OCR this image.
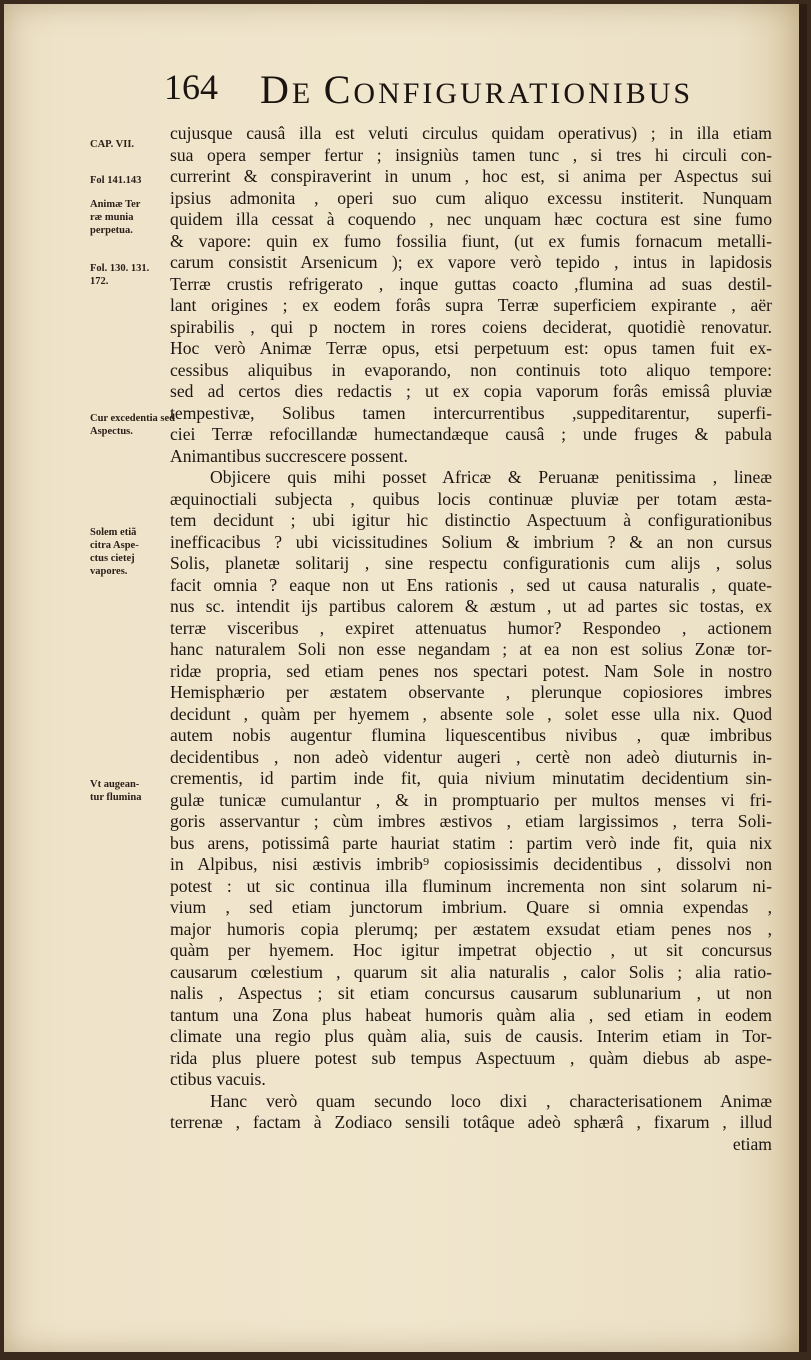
164 DE CONFIGURATIONIBUS
CAP. VII.
Fol 141.143
Animæ Ter
ræ munia
perpetua.
Fol. 130. 131.
172.
Cur excedentia sed
Aspectus.
Solem etiã
citra Aspe-
ctus cietej
vapores.
Vt augean-
tur flumina
cujusque causâ illa est veluti circulus quidam operativus) ; in illa etiam
sua opera semper fertur ; insigniùs tamen tunc , si tres hi circuli con-
currerint & conspiraverint in unum , hoc est, si anima per Aspectus sui
ipsius admonita , operi suo cum aliquo excessu institerit. Nunquam
quidem illa cessat à coquendo , nec unquam hæc coctura est sine fumo
& vapore: quin ex fumo fossilia fiunt, (ut ex fumis fornacum metalli-
carum consistit Arsenicum ); ex vapore verò tepido , intus in lapidosis
Terræ crustis refrigerato , inque guttas coacto ,flumina ad suas destil-
lant origines ; ex eodem forâs supra Terræ superficiem expirante , aër
spirabilis , qui p noctem in rores coiens deciderat, quotidiè renovatur.
Hoc verò Animæ Terræ opus, etsi perpetuum est: opus tamen fuit ex-
cessibus aliquibus in evaporando, non continuis toto aliquo tempore:
sed ad certos dies redactis ; ut ex copia vaporum forâs emissâ pluviæ
tempestivæ, Solibus tamen intercurrentibus ,suppeditarentur, superfi-
ciei Terræ refocillandæ humectandæque causâ ; unde fruges & pabula
Animantibus succrescere possent.
Objicere quis mihi posset Africæ & Peruanæ penitissima , lineæ
æquinoctiali subjecta , quibus locis continuæ pluviæ per totam æsta-
tem decidunt ; ubi igitur hic distinctio Aspectuum à configurationibus
inefficacibus ? ubi vicissitudines Solium & imbrium ? & an non cursus
Solis, planetæ solitarij , sine respectu configurationis cum alijs , solus
facit omnia ? eaque non ut Ens rationis , sed ut causa naturalis , quate-
nus sc. intendit ijs partibus calorem & æstum , ut ad partes sic tostas, ex
terræ visceribus , expiret attenuatus humor? Respondeo , actionem
hanc naturalem Soli non esse negandam ; at ea non est solius Zonæ tor-
ridæ propria, sed etiam penes nos spectari potest. Nam Sole in nostro
Hemisphærio per æstatem observante , plerunque copiosiores imbres
decidunt , quàm per hyemem , absente sole , solet esse ulla nix. Quod
autem nobis augentur flumina liquescentibus nivibus , quæ imbribus
decidentibus , non adeò videntur augeri , certè non adeò diuturnis in-
crementis, id partim inde fit, quia nivium minutatim decidentium sin-
gulæ tunicæ cumulantur , & in promptuario per multos menses vi fri-
goris asservantur ; cùm imbres æstivos , etiam largissimos , terra Soli-
bus arens, potissimâ parte hauriat statim : partim verò inde fit, quia nix
in Alpibus, nisi æstivis imbrib⁹ copiosissimis decidentibus , dissolvi non
potest : ut sic continua illa fluminum incrementa non sint solarum ni-
vium , sed etiam junctorum imbrium. Quare si omnia expendas ,
major humoris copia plerumq; per æstatem exsudat etiam penes nos ,
quàm per hyemem. Hoc igitur impetrat objectio , ut sit concursus
causarum cœlestium , quarum sit alia naturalis , calor Solis ; alia ratio-
nalis , Aspectus ; sit etiam concursus causarum sublunarium , ut non
tantum una Zona plus habeat humoris quàm alia , sed etiam in eodem
climate una regio plus quàm alia, suis de causis. Interim etiam in Tor-
rida plus pluere potest sub tempus Aspectuum , quàm diebus ab aspe-
ctibus vacuis.
Hanc verò quam secundo loco dixi , characterisationem Animæ
terrenæ , factam à Zodiaco sensili totâque adeò sphærâ , fixarum , illud
etiam
